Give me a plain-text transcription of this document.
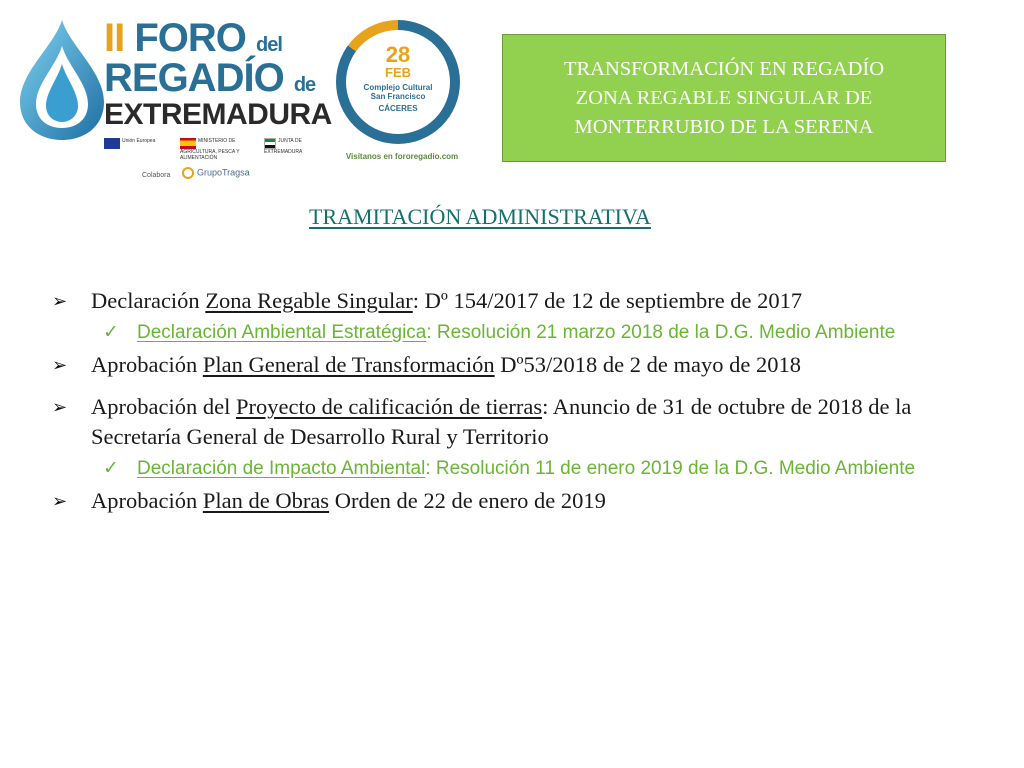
II FORO del
REGADÍO de
EXTREMADURA
Unión Europea	MINISTERIO DE AGRICULTURA, PESCA Y ALIMENTACIÓN
JUNTA DE EXTREMADURA
Colabora	GrupoTragsa
28
FEB
Complejo Cultural
San Francisco
CÁCERES
Visítanos en fororegadio.com
TRANSFORMACIÓN EN REGADÍO
ZONA REGABLE SINGULAR DE
MONTERRUBIO DE LA SERENA
TRAMITACIÓN ADMINISTRATIVA
➢ Declaración Zona Regable Singular: Dº 154/2017 de 12 de septiembre de 2017
✓ Declaración Ambiental Estratégica: Resolución 21 marzo 2018 de la D.G. Medio Ambiente
➢ Aprobación Plan General de Transformación Dº53/2018 de 2 de mayo de 2018
➢ Aprobación del Proyecto de calificación de tierras: Anuncio de 31 de octubre de 2018 de la Secretaría General de Desarrollo Rural y Territorio
✓ Declaración de Impacto Ambiental: Resolución 11 de enero 2019 de la D.G. Medio Ambiente
➢ Aprobación Plan de Obras Orden de 22 de enero de 2019
